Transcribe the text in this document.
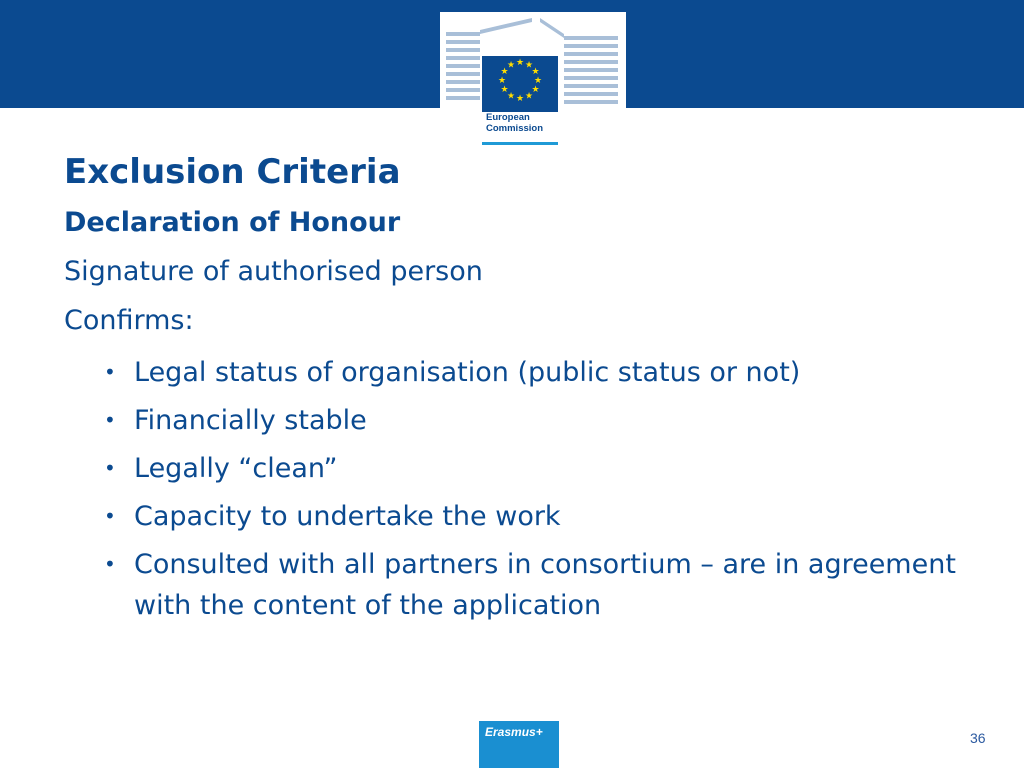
★ ★
★
★
★
★
★
★
★
★
★
★
European
Commission
Exclusion Criteria
Declaration of Honour

Signature of authorised person

Confirms:

• Legal status of organisation (public status or not)
• Financially stable
• Legally “clean”
• Capacity to undertake the work
• Consulted with all partners in consortium – are in agreement with the content of the application
Erasmus+	36
